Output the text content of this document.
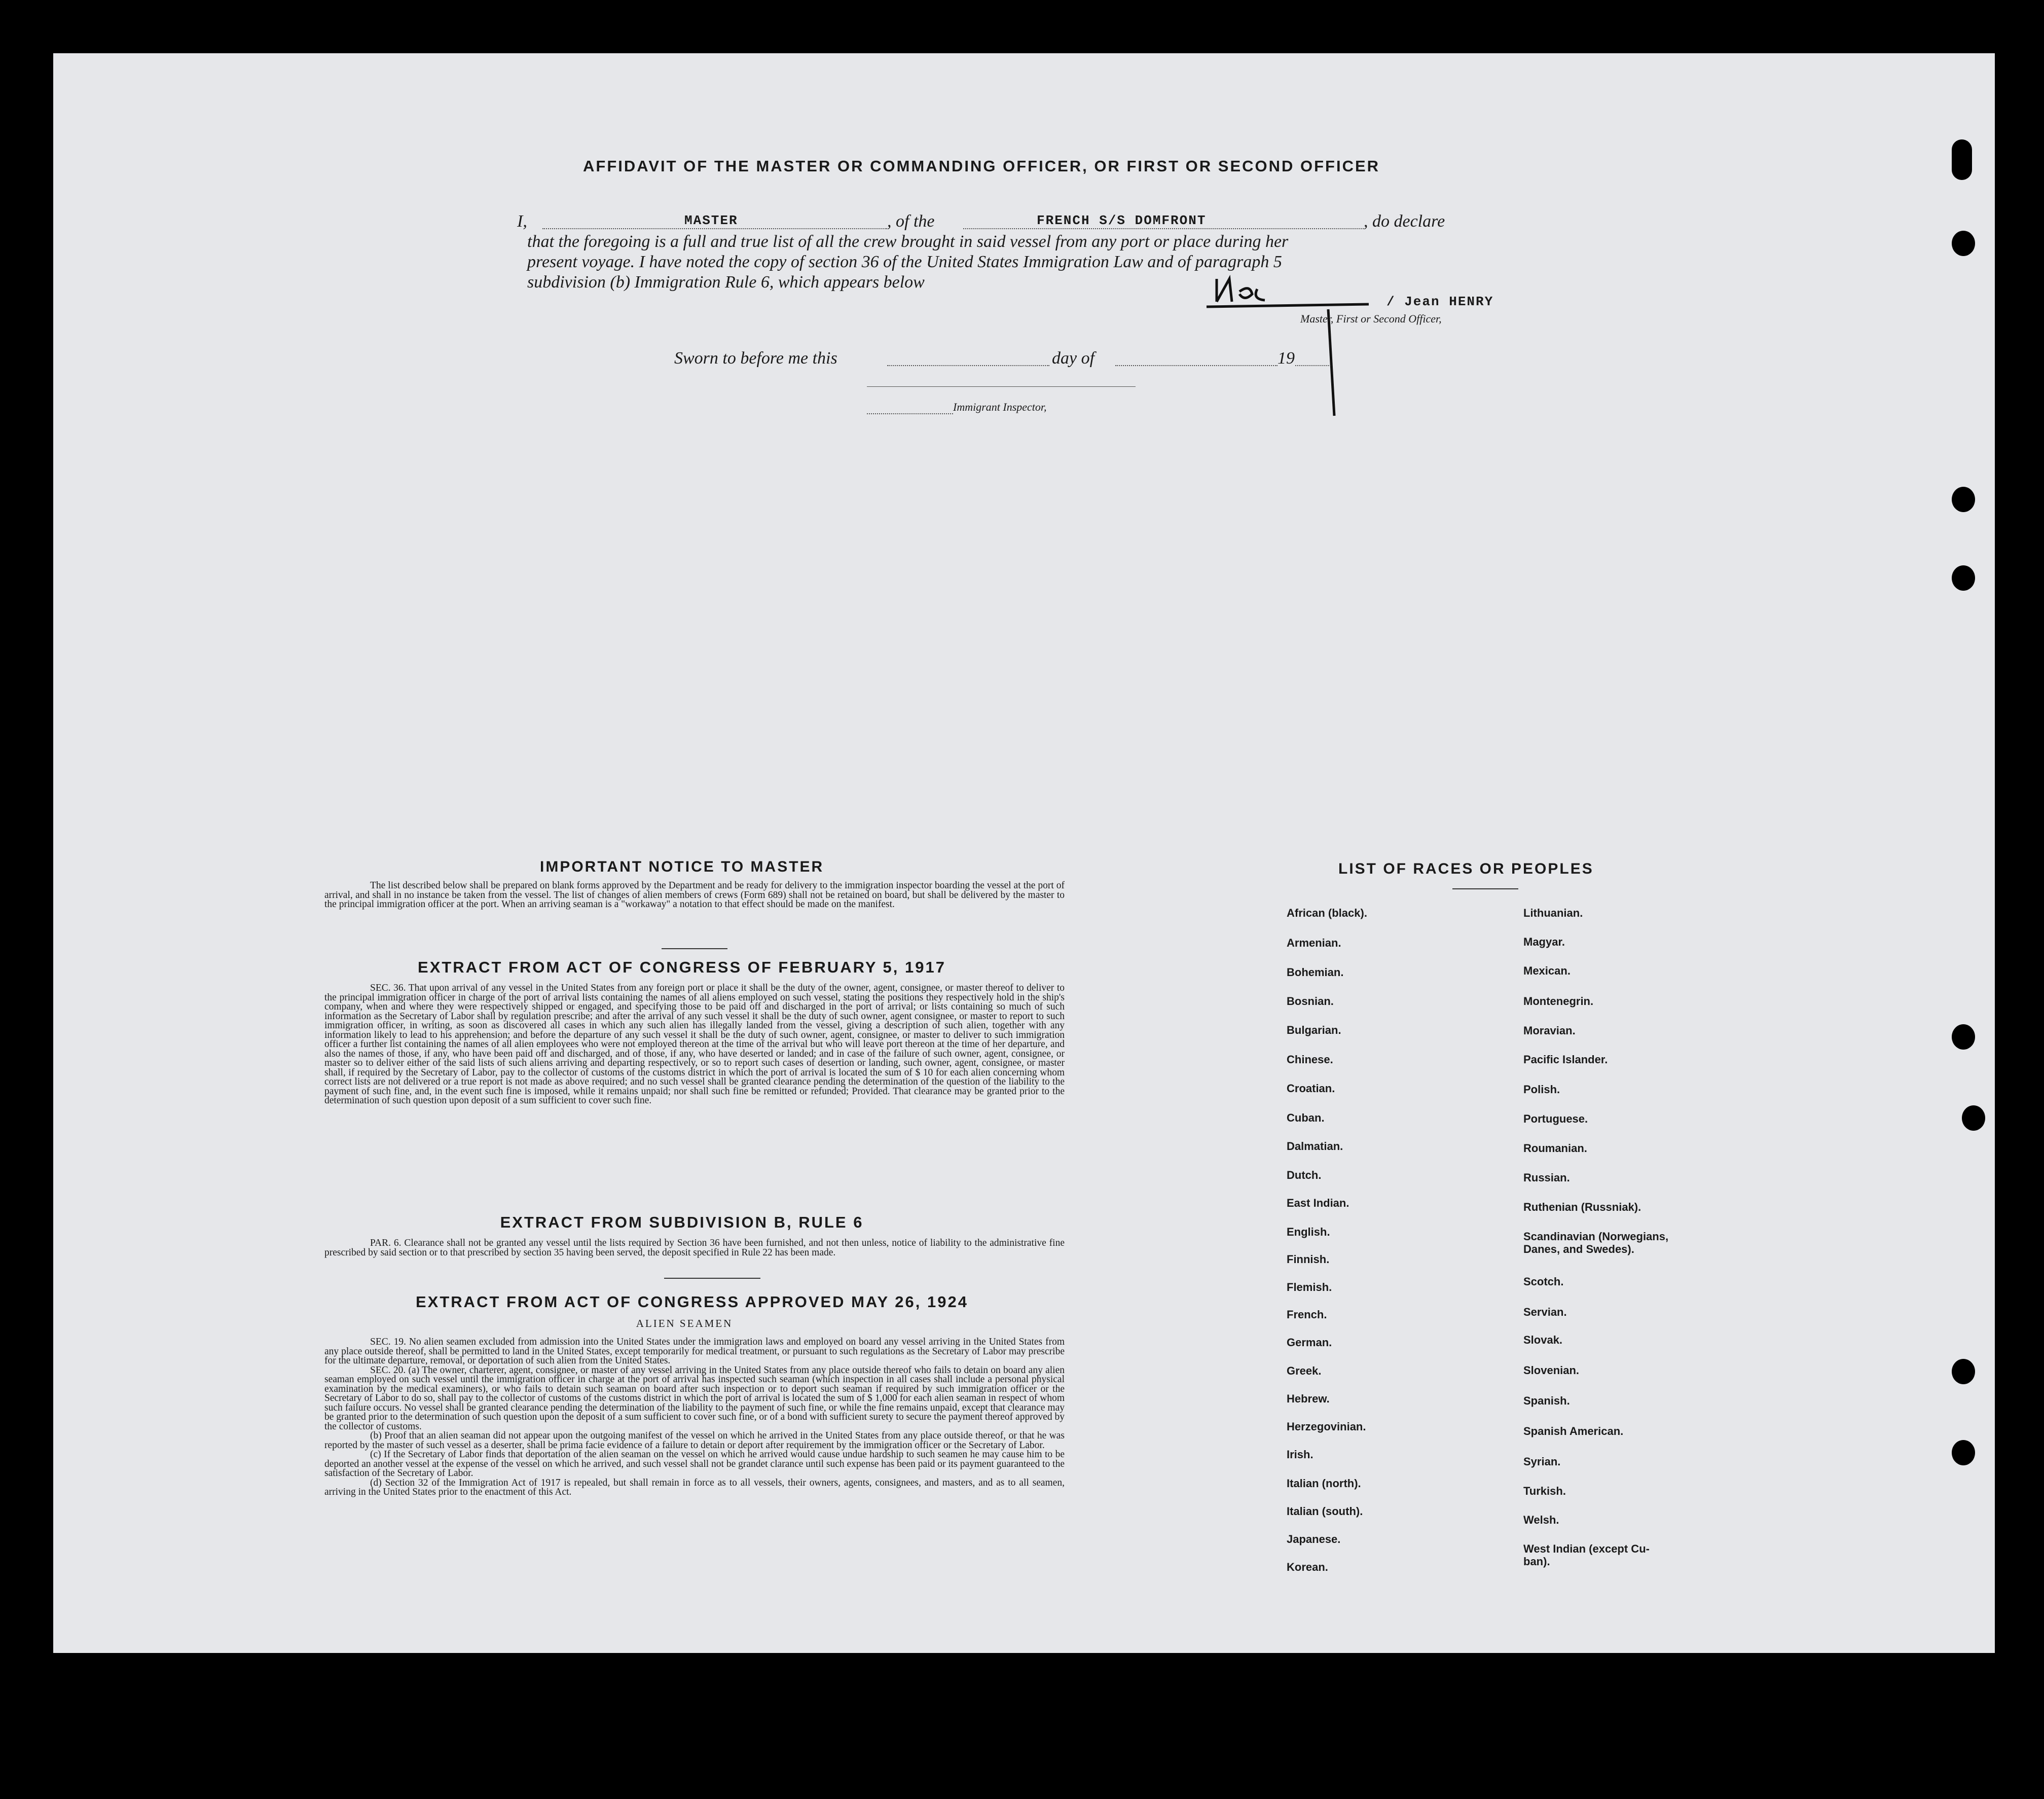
AFFIDAVIT OF THE MASTER OR COMMANDING OFFICER, OR FIRST OR SECOND OFFICER
I,	MASTER	, of the	FRENCH S/S DOMFRONT	, do declare
that the foregoing is a full and true list of all the crew brought in said vessel from any port or place during her
present voyage. I have noted the copy of section 36 of the United States Immigration Law and of paragraph 5
subdivision (b) Immigration Rule 6, which appears below
/ Jean HENRY
Master, First or Second Officer,
Sworn to before me this	day of	19
Immigrant Inspector,
IMPORTANT NOTICE TO MASTER

The list described below shall be prepared on blank forms approved by the Department and be ready for delivery to the immigration inspector boarding the vessel at the port of arrival, and shall in no instance be taken from the vessel. The list of changes of alien members of crews (Form 689) shall not be retained on board, but shall be delivered by the master to the principal immigration officer at the port. When an arriving seaman is a "workaway" a notation to that effect should be made on the manifest.

EXTRACT FROM ACT OF CONGRESS OF FEBRUARY 5, 1917

SEC. 36. That upon arrival of any vessel in the United States from any foreign port or place it shall be the duty of the owner, agent, consignee, or master thereof to deliver to the principal immigration officer in charge of the port of arrival lists containing the names of all aliens employed on such vessel, stating the positions they respectively hold in the ship's company, when and where they were respectively shipped or engaged, and specifying those to be paid off and discharged in the port of arrival; or lists containing so much of such information as the Secretary of Labor shall by regulation prescribe; and after the arrival of any such vessel it shall be the duty of such owner, agent consignee, or master to report to such immigration officer, in writing, as soon as discovered all cases in which any such alien has illegally landed from the vessel, giving a description of such alien, together with any information likely to lead to his apprehension; and before the departure of any such vessel it shall be the duty of such owner, agent, consignee, or master to deliver to such immigration officer a further list containing the names of all alien employees who were not employed thereon at the time of the arrival but who will leave port thereon at the time of her departure, and also the names of those, if any, who have been paid off and discharged, and of those, if any, who have deserted or landed; and in case of the failure of such owner, agent, consignee, or master so to deliver either of the said lists of such aliens arriving and departing respectively, or so to report such cases of desertion or landing, such owner, agent, consignee, or master shall, if required by the Secretary of Labor, pay to the collector of customs of the customs district in which the port of arrival is located the sum of $ 10 for each alien concerning whom correct lists are not delivered or a true report is not made as above required; and no such vessel shall be granted clearance pending the determination of the question of the liability to the payment of such fine, and, in the event such fine is imposed, while it remains unpaid; nor shall such fine be remitted or refunded; Provided. That clearance may be granted prior to the determination of such question upon deposit of a sum sufficient to cover such fine.

EXTRACT FROM SUBDIVISION B, RULE 6

PAR. 6. Clearance shall not be granted any vessel until the lists required by Section 36 have been furnished, and not then unless, notice of liability to the administrative fine prescribed by said section or to that prescribed by section 35 having been served, the deposit specified in Rule 22 has been made.

EXTRACT FROM ACT OF CONGRESS APPROVED MAY 26, 1924
ALIEN SEAMEN

SEC. 19. No alien seamen excluded from admission into the United States under the immigration laws and employed on board any vessel arriving in the United States from any place outside thereof, shall be permitted to land in the United States, except temporarily for medical treatment, or pursuant to such regulations as the Secretary of Labor may prescribe for the ultimate departure, removal, or deportation of such alien from the United States.

SEC. 20. (a) The owner, charterer, agent, consignee, or master of any vessel arriving in the United States from any place outside thereof who fails to detain on board any alien seaman employed on such vessel until the immigration officer in charge at the port of arrival has inspected such seaman (which inspection in all cases shall include a personal physical examination by the medical examiners), or who fails to detain such seaman on board after such inspection or to deport such seaman if required by such immigration officer or the Secretary of Labor to do so, shall pay to the collector of customs of the customs district in which the port of arrival is located the sum of $ 1,000 for each alien seaman in respect of whom such failure occurs. No vessel shall be granted clearance pending the determination of the liability to the payment of such fine, or while the fine remains unpaid, except that clearance may be granted prior to the determination of such question upon the deposit of a sum sufficient to cover such fine, or of a bond with sufficient surety to secure the payment thereof approved by the collector of customs.

(b) Proof that an alien seaman did not appear upon the outgoing manifest of the vessel on which he arrived in the United States from any place outside thereof, or that he was reported by the master of such vessel as a deserter, shall be prima facie evidence of a failure to detain or deport after requirement by the immigration officer or the Secretary of Labor.

(c) If the Secretary of Labor finds that deportation of the alien seaman on the vessel on which he arrived would cause undue hardship to such seamen he may cause him to be deported an another vessel at the expense of the vessel on which he arrived, and such vessel shall not be grandet clarance until such expense has been paid or its payment guaranteed to the satisfaction of the Secretary of Labor.

(d) Section 32 of the Immigration Act of 1917 is repealed, but shall remain in force as to all vessels, their owners, agents, consignees, and masters, and as to all seamen, arriving in the United States prior to the enactment of this Act.

LIST OF RACES OR PEOPLES
African (black).
Armenian.
Bohemian.
Bosnian.
Bulgarian.
Chinese.
Croatian.
Cuban.
Dalmatian.
Dutch.
East Indian.
English.
Finnish.
Flemish.
French.
German.
Greek.
Hebrew.
Herzegovinian.
Irish.
Italian (north).
Italian (south).
Japanese.
Korean.
Lithuanian.
Magyar.
Mexican.
Montenegrin.
Moravian.
Pacific Islander.
Polish.
Portuguese.
Roumanian.
Russian.
Ruthenian (Russniak).
Scandinavian (Norwegians,
Danes, and Swedes).
Scotch.
Servian.
Slovak.
Slovenian.
Spanish.
Spanish American.
Syrian.
Turkish.
Welsh.
West Indian (except Cu-
ban).
